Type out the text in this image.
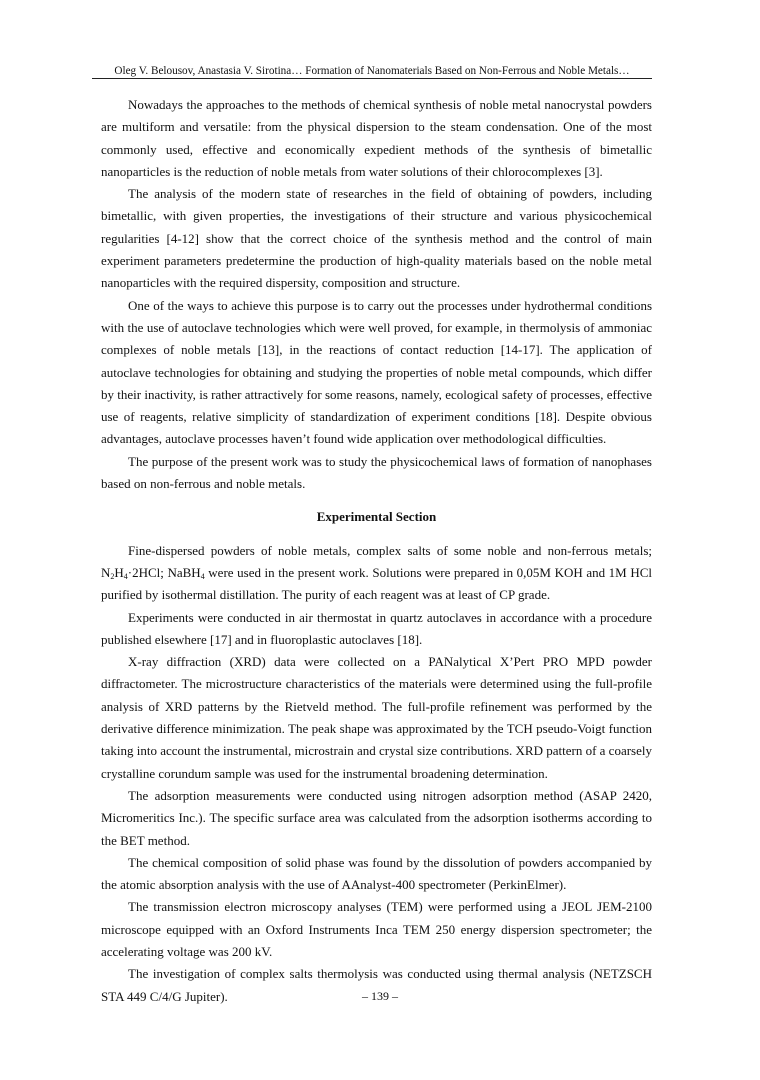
Oleg V. Belousov, Anastasia V. Sirotina… Formation of Nanomaterials Based on Non-Ferrous and Noble Metals…

Nowadays the approaches to the methods of chemical synthesis of noble metal nanocrystal powders are multiform and versatile: from the physical dispersion to the steam condensation. One of the most commonly used, effective and economically expedient methods of the synthesis of bimetallic nanoparticles is the reduction of noble metals from water solutions of their chlorocomplexes [3].

The analysis of the modern state of researches in the field of obtaining of powders, including bimetallic, with given properties, the investigations of their structure and various physicochemical regularities [4-12] show that the correct choice of the synthesis method and the control of main experiment parameters predetermine the production of high-quality materials based on the noble metal nanoparticles with the required dispersity, composition and structure.

One of the ways to achieve this purpose is to carry out the processes under hydrothermal conditions with the use of autoclave technologies which were well proved, for example, in thermolysis of ammoniac complexes of noble metals [13], in the reactions of contact reduction [14-17]. The application of autoclave technologies for obtaining and studying the properties of noble metal compounds, which differ by their inactivity, is rather attractively for some reasons, namely, ecological safety of processes, effective use of reagents, relative simplicity of standardization of experiment conditions [18]. Despite obvious advantages, autoclave processes haven’t found wide application over methodological difficulties.

The purpose of the present work was to study the physicochemical laws of formation of nanophases based on non-ferrous and noble metals.

Experimental Section

Fine-dispersed powders of noble metals, complex salts of some noble and non-ferrous metals; $N_2H_4\cdot 2HCl$; NaBH$_4$ were used in the present work. Solutions were prepared in 0,05M KOH and 1M HCl purified by isothermal distillation. The purity of each reagent was at least of CP grade.

Experiments were conducted in air thermostat in quartz autoclaves in accordance with a procedure published elsewhere [17] and in fluoroplastic autoclaves [18].

X-ray diffraction (XRD) data were collected on a PANalytical X’Pert PRO MPD powder diffractometer. The microstructure characteristics of the materials were determined using the full-profile analysis of XRD patterns by the Rietveld method. The full-profile refinement was performed by the derivative difference minimization. The peak shape was approximated by the TCH pseudo-Voigt function taking into account the instrumental, microstrain and crystal size contributions. XRD pattern of a coarsely crystalline corundum sample was used for the instrumental broadening determination.

The adsorption measurements were conducted using nitrogen adsorption method (ASAP 2420, Micromeritics Inc.). The specific surface area was calculated from the adsorption isotherms according to the BET method.

The chemical composition of solid phase was found by the dissolution of powders accompanied by the atomic absorption analysis with the use of AAnalyst-400 spectrometer (PerkinElmer).

The transmission electron microscopy analyses (TEM) were performed using a JEOL JEM-2100 microscope equipped with an Oxford Instruments Inca TEM 250 energy dispersion spectrometer; the accelerating voltage was 200 kV.

The investigation of complex salts thermolysis was conducted using thermal analysis (NETZSCH STA 449 C/4/G Jupiter).	– 139 –
